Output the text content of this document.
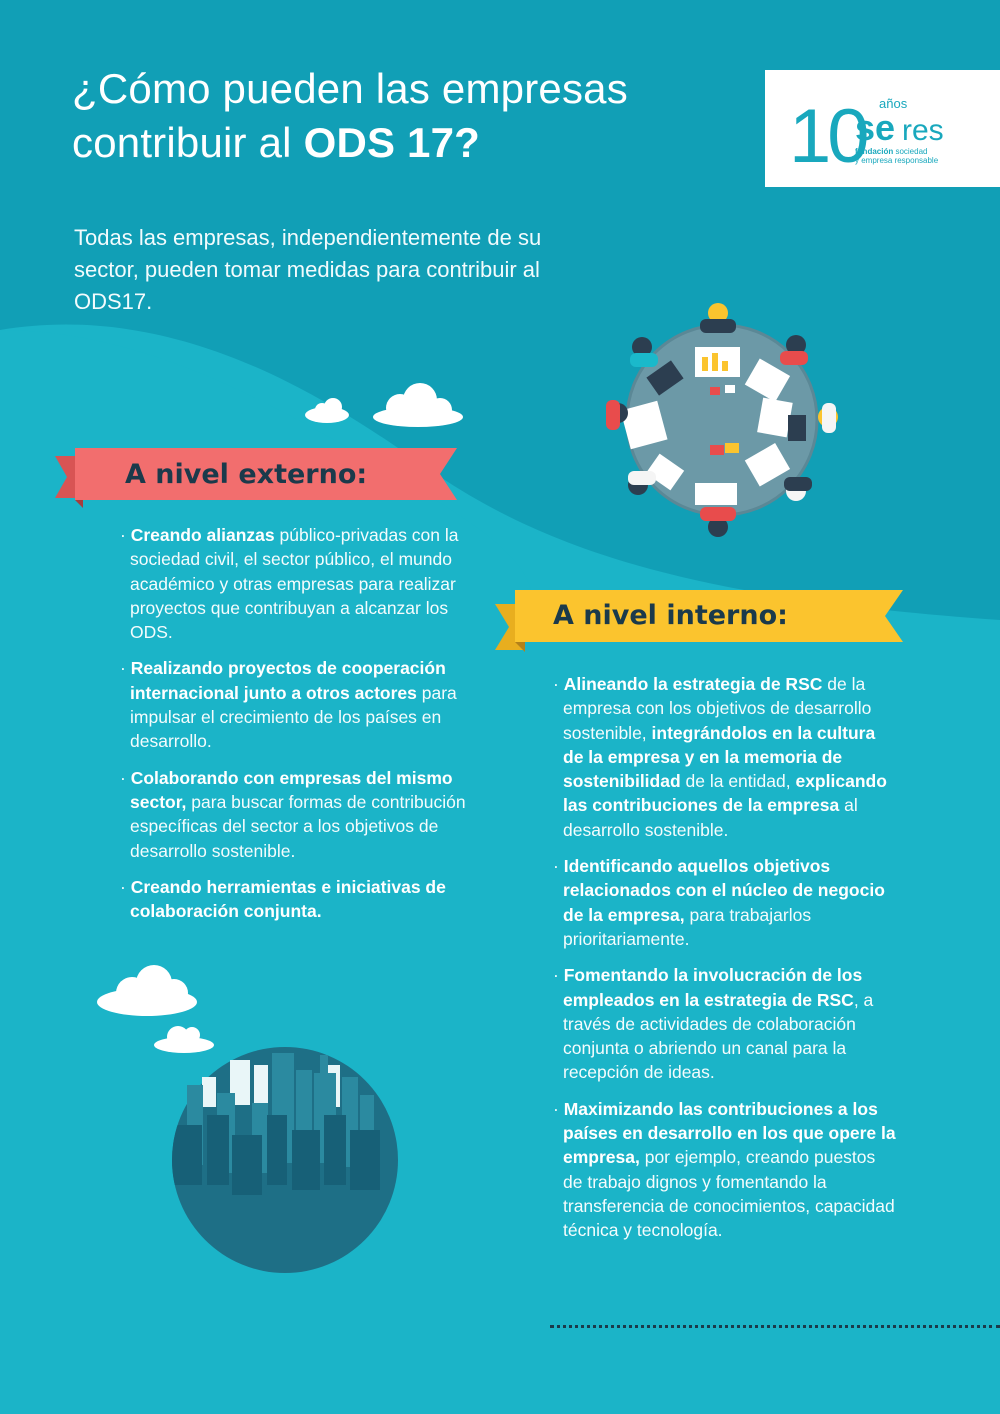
¿Cómo pueden las empresas
contribuir al ODS 17?	10 años
se res
fundación sociedad
y empresa responsable
Todas las empresas, independientemente de su sector, pueden tomar medidas para contribuir al ODS17.
A nivel externo:
· Creando alianzas público-privadas con la sociedad civil, el sector público, el mundo académico y otras empresas para realizar proyectos que contribuyan a alcanzar los ODS.
· Realizando proyectos de cooperación internacional junto a otros actores para impulsar el crecimiento de los países en desarrollo.
· Colaborando con empresas del mismo sector, para buscar formas de contribución específicas del sector a los objetivos de desarrollo sostenible.
· Creando herramientas e iniciativas de colaboración conjunta.
A nivel interno:
· Alineando la estrategia de RSC de la empresa con los objetivos de desarrollo sostenible, integrándolos en la cultura de la empresa y en la memoria de sostenibilidad de la entidad, explicando las contribuciones de la empresa al desarrollo sostenible.
· Identificando aquellos objetivos relacionados con el núcleo de negocio de la empresa, para trabajarlos prioritariamente.
· Fomentando la involucración de los empleados en la estrategia de RSC, a través de actividades de colaboración conjunta o abriendo un canal para la recepción de ideas.
· Maximizando las contribuciones a los países en desarrollo en los que opere la empresa, por ejemplo, creando puestos de trabajo dignos y fomentando la transferencia de conocimientos, capacidad técnica y tecnología.
